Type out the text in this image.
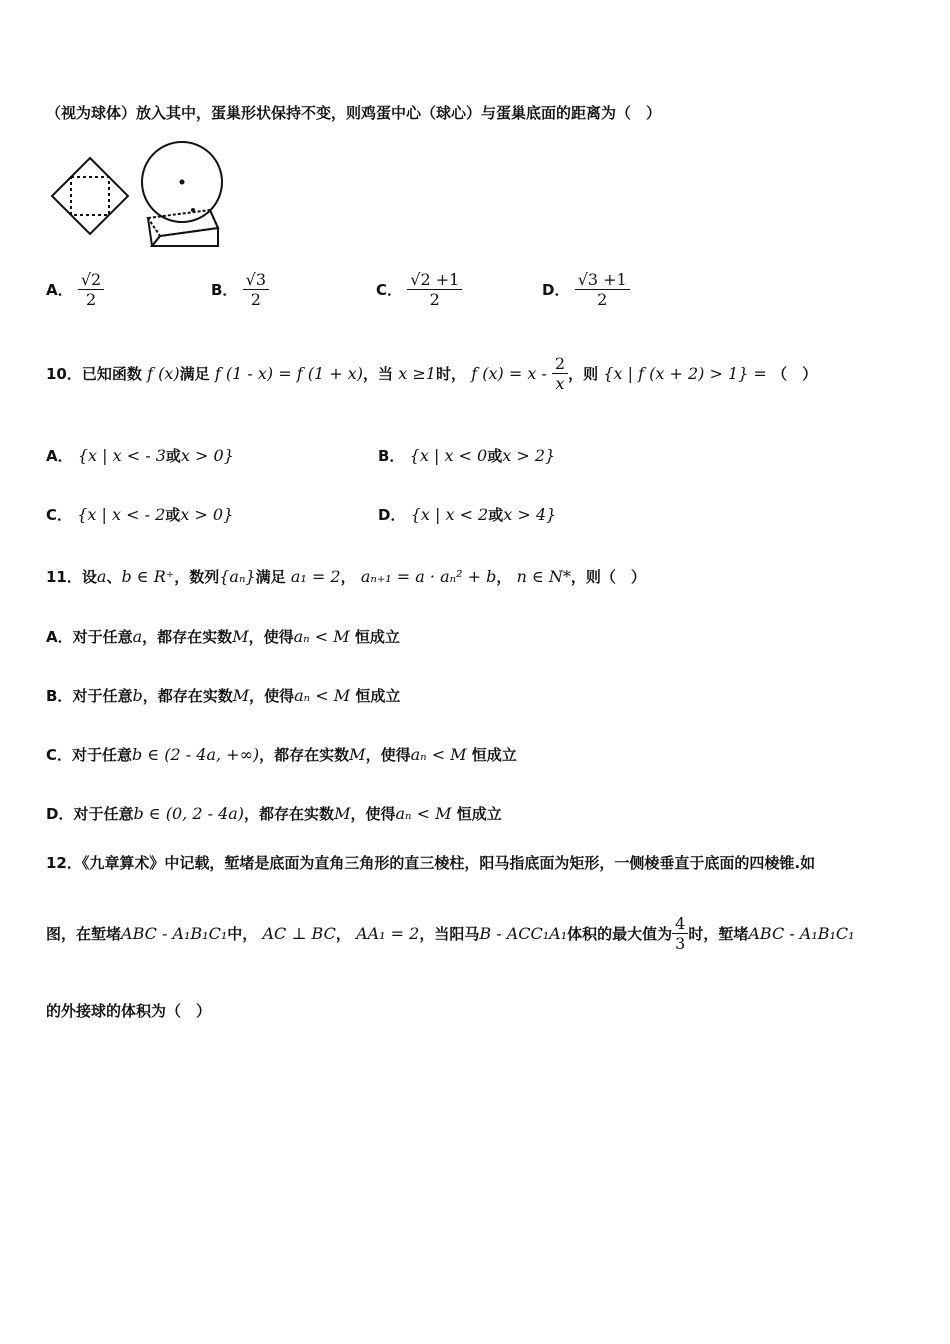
（视为球体）放入其中，蛋巢形状保持不变，则鸡蛋中心（球心）与蛋巢底面的距离为（　）
A． $\frac{√2}{2}$	B． $\frac{√3}{2}$	C． $\frac{√2 +1}{2}$	D． $\frac{√3 +1}{2}$
10．已知函数 f (x)满足 f (1 - x) = f (1 + x)，当 x ≥1时， f $(x) = x - \frac{2}{x}$ ，则 {x | f (x + 2) > 1} = （　）
A． {x | x < - 3或x > 0}	B． {x | x < 0或x > 2}
C． {x | x < - 2或x > 0}	D． {x | x < 2或x > 4}
11．设a、b ∈ R⁺，数列{aₙ}满足 a₁ = 2， aₙ₊₁ = a · aₙ² + b， n ∈ N*，则（　）
A．对于任意a，都存在实数M，使得aₙ < M 恒成立
B．对于任意b，都存在实数M，使得aₙ < M 恒成立
C．对于任意b ∈ (2 - 4a, +∞)，都存在实数M，使得aₙ < M 恒成立
D．对于任意b ∈ (0, 2 - 4a)，都存在实数M，使得aₙ < M 恒成立
12．《九章算术》中记载，堑堵是底面为直角三角形的直三棱柱，阳马指底面为矩形，一侧棱垂直于底面的四棱锥.如
图，在堑堵ABC - A₁B₁C₁中， AC ⊥ BC， AA₁ = 2，当阳马B - ACC₁A₁体积的最大值为 $\frac{4}{3}$ 时，堑堵ABC - A₁B₁C₁
的外接球的体积为（　）
